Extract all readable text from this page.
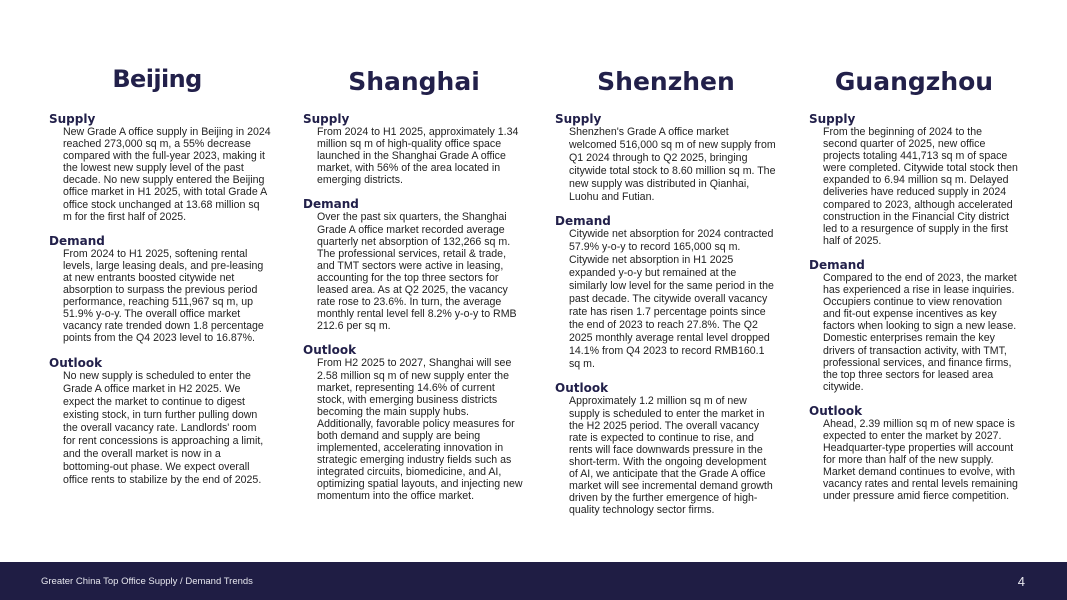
Beijing
Supply

New Grade A office supply in Beijing in 2024 reached 273,000 sq m, a 55% decrease compared with the full-year 2023, making it the lowest new supply level of the past decade. No new supply entered the Beijing office market in H1 2025, with total Grade A office stock unchanged at 13.68 million sq m for the first half of 2025.

Demand

From 2024 to H1 2025, softening rental levels, large leasing deals, and pre-leasing at new entrants boosted citywide net absorption to surpass the previous period performance, reaching 511,967 sq m, up 51.9% y-o-y. The overall office market vacancy rate trended down 1.8 percentage points from the Q4 2023 level to 16.87%.

Outlook

No new supply is scheduled to enter the Grade A office market in H2 2025. We expect the market to continue to digest existing stock, in turn further pulling down the overall vacancy rate. Landlords' room for rent concessions is approaching a limit, and the overall market is now in a bottoming-out phase. We expect overall office rents to stabilize by the end of 2025.

Shanghai
Supply

From 2024 to H1 2025, approximately 1.34 million sq m of high-quality office space launched in the Shanghai Grade A office market, with 56% of the area located in emerging districts.

Demand

Over the past six quarters, the Shanghai Grade A office market recorded average quarterly net absorption of 132,266 sq m. The professional services, retail & trade, and TMT sectors were active in leasing, accounting for the top three sectors for leased area. As at Q2 2025, the vacancy rate rose to 23.6%. In turn, the average monthly rental level fell 8.2% y-o-y to RMB 212.6 per sq m.

Outlook

From H2 2025 to 2027, Shanghai will see 2.58 million sq m of new supply enter the market, representing 14.6% of current stock, with emerging business districts becoming the main supply hubs. Additionally, favorable policy measures for both demand and supply are being implemented, accelerating innovation in strategic emerging industry fields such as integrated circuits, biomedicine, and AI, optimizing spatial layouts, and injecting new momentum into the office market.

Shenzhen
Supply

Shenzhen's Grade A office market welcomed 516,000 sq m of new supply from Q1 2024 through to Q2 2025, bringing citywide total stock to 8.60 million sq m. The new supply was distributed in Qianhai, Luohu and Futian.

Demand

Citywide net absorption for 2024 contracted 57.9% y-o-y to record 165,000 sq m. Citywide net absorption in H1 2025 expanded y-o-y but remained at the similarly low level for the same period in the past decade. The citywide overall vacancy rate has risen 1.7 percentage points since the end of 2023 to reach 27.8%. The Q2 2025 monthly average rental level dropped 14.1% from Q4 2023 to record RMB160.1 sq m.

Outlook

Approximately 1.2 million sq m of new supply is scheduled to enter the market in the H2 2025 period. The overall vacancy rate is expected to continue to rise, and rents will face downwards pressure in the short-term. With the ongoing development of AI, we anticipate that the Grade A office market will see incremental demand growth driven by the further emergence of high-quality technology sector firms.

Guangzhou
Supply

From the beginning of 2024 to the second quarter of 2025, new office projects totaling 441,713 sq m of space were completed. Citywide total stock then expanded to 6.94 million sq m. Delayed deliveries have reduced supply in 2024 compared to 2023, although accelerated construction in the Financial City district led to a resurgence of supply in the first half of 2025.

Demand

Compared to the end of 2023, the market has experienced a rise in lease inquiries. Occupiers continue to view renovation and fit-out expense incentives as key factors when looking to sign a new lease. Domestic enterprises remain the key drivers of transaction activity, with TMT, professional services, and finance firms, the top three sectors for leased area citywide.

Outlook

Ahead, 2.39 million sq m of new space is expected to enter the market by 2027. Headquarter-type properties will account for more than half of the new supply. Market demand continues to evolve, with vacancy rates and rental levels remaining under pressure amid fierce competition.

Greater China Top Office Supply / Demand Trends	4
